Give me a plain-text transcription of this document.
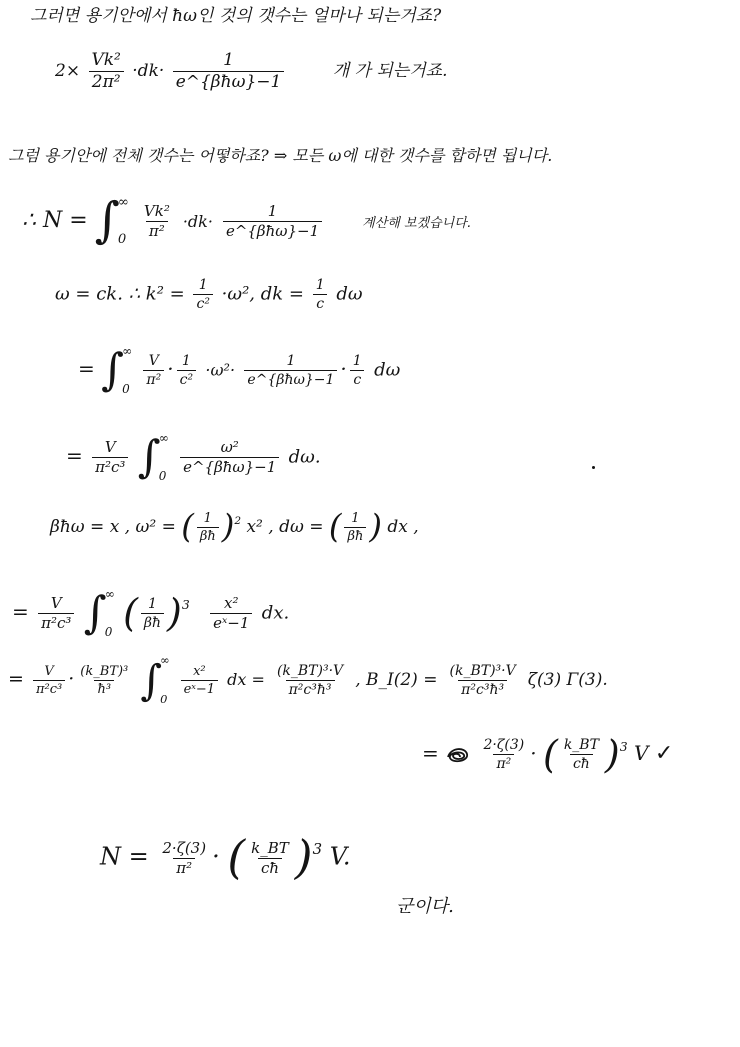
그러면 용기안에서 ħω인 것의 갯수는 얼마나 되는거죠?
$2\times \frac{\text{Vk²}}{\text{2π²}} \cdot dk\cdot \frac{1}{\text{e\textasciicircum{}\{βħω\}−1}}$	개 가 되는거죠.
그럼 용기안에 전체 갯수는 어떻하죠? ⇒ 모든 ω에 대한 갯수를 합하면 됩니다.
∴ N = ∫
∞
0

$\frac{\text{Vk²}}{\text{π²}} \cdot dk\cdot \frac{1}{\text{e\textasciicircum{}\{βħω\}−1}}$	계산해 보겠습니다.
ω = ck. ∴ $k^2 = \frac{1}{\text{c²}} \cdot\omega^2$, dk = $\frac{1}{c}$ dω
= ∫
∞
0

$\frac{V}{\text{π²}} \cdot \frac{1}{\text{c²}} \cdot\omega^2\cdot \frac{1}{\text{e\textasciicircum{}\{βħω\}−1}} \cdot \frac{1}{c}$ dω
= $\frac{V}{\text{π²c³}}$ ∫
∞
0

$\frac{\text{ω²}}{\text{e\textasciicircum{}\{βħω\}−1}} d\omega$.
βħω = x , ω² = ( $\frac{1}{\beta ħ} )^2$ x² , dω = ( $\frac{1}{\beta ħ}$ ) dx ,
= $\frac{V}{\text{π²c³}}$ ∫
∞
0 ( $\frac{1}{\beta ħ} )^3 \frac{\text{x²}}{\text{eˣ−1}}$ dx.
= $\frac{V}{\text{π²c³}} \cdot \frac{\text{(k\_BT)³}}{\text{ħ³}}$ ∫
∞
0

$\frac{\text{x²}}{\text{eˣ−1}}$ dx = $\frac{\text{(k\_BT)³·V}}{\text{π²c³ħ³}}$ , B_I(2) = $\frac{\text{(k\_BT)³·V}}{\text{π²c³ħ³}} \zeta(3)$ Γ(3).
=	$\frac{2\cdot\zeta(3)}{\text{π²}}$ · ( $\frac{k\_BT}{cħ} )^3$ V ✓
$N = \frac{2\cdot\zeta(3)}{\text{π²}}$ · ( $\frac{k\_BT}{cħ} )^3$ V.
군이다.
